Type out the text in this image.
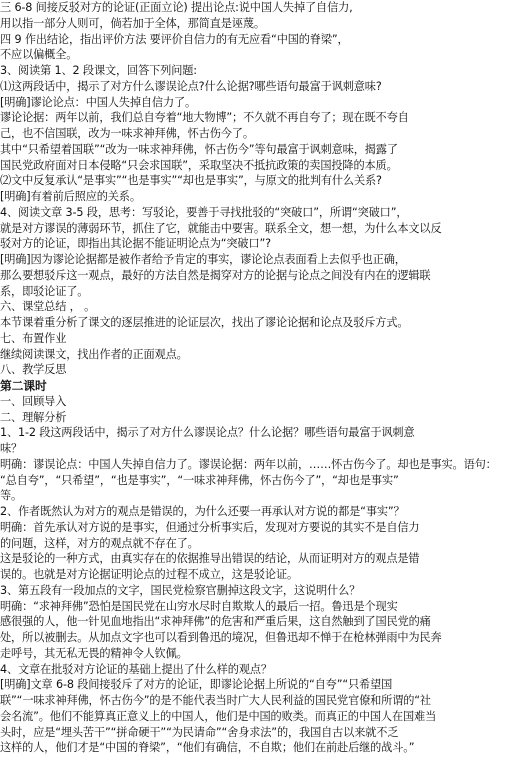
三 6-8 间接反驳对方的论证(正面立论) 提出论点:说中国人失掉了自信力,
用以指一部分人则可，倘若加于全体，那简直是诬蔑。
四 9 作出结论，指出评价方法 要评价自信力的有无应看“中国的脊梁”，
不应以偏概全。
3、阅读第 1、2 段课文，回答下列问题:
⑴这两段话中，揭示了对方什么谬误论点?什么论据?哪些语句最富于讽刺意味?
[明确]谬论论点：中国人失掉自信力了。
谬论论据：两年以前，我们总自夸着“地大物博”；不久就不再自夸了；现在既不夸自
己，也不信国联，改为一味求神拜佛，怀古伤今了。
其中“只希望着国联”“改为一味求神拜佛，怀古伤今”等句最富于讽刺意味，揭露了
国民党政府面对日本侵略“只会求国联”，采取坚决不抵抗政策的卖国投降的本质。
⑵文中反复承认“是事实”“也是事实”“却也是事实”，与原文的批判有什么关系?
[明确]有着前后照应的关系。
4、阅读文章 3-5 段，思考：写驳论，要善于寻找批驳的“突破口”，所谓“突破口”，
就是对方谬误的薄弱环节，抓住了它，就能击中要害。联系全文，想一想，为什么本文以反
驳对方的论证，即指出其论据不能证明论点为“突破口”?
[明确]因为谬论论据都是被作者给予肯定的事实，谬论论点表面看上去似乎也正确，
那么要想驳斥这一观点，最好的方法自然是揭穿对方的论据与论点之间没有内在的逻辑联
系，即驳论证了。
六、课堂总结 ， 。
本节课着重分析了课文的逐层推进的论证层次，找出了谬论论据和论点及驳斥方式。
七、布置作业
继续阅读课文，找出作者的正面观点。
八、教学反思
第二课时
一、回顾导入
二、理解分析
1、1-2 段这两段话中，揭示了对方什么谬误论点？什么论据？哪些语句最富于讽刺意
味？
明确：谬误论点：中国人失掉自信力了。谬误论据：两年以前，……怀古伤今了。却也是事实。语句：
“总自夸”，“只希望”，“也是事实”，“一味求神拜佛，怀古伤今了”，“却也是事实”
等。
2、作者既然认为对方的观点是错误的，为什么还要一再承认对方说的都是“事实”？
明确：首先承认对方说的是事实，但通过分析事实后，发现对方要说的其实不是自信力
的问题，这样，对方的观点就不存在了。
这是驳论的一种方式，由真实存在的依据推导出错误的结论，从而证明对方的观点是错
误的。也就是对方论据证明论点的过程不成立，这是驳论证。
3、第五段有一段加点的文字，国民党检察官删掉这段文字，这说明什么？
明确：“求神拜佛”恐怕是国民党在山穷水尽时自欺欺人的最后一招。鲁迅是个现实
感很强的人，他一针见血地指出“求神拜佛”的危害和严重后果，这自然触到了国民党的痛
处，所以被删去。从加点文字也可以看到鲁迅的境况，但鲁迅却不惮于在枪林弹雨中为民奔
走呼号，其无私无畏的精神令人钦佩。
4、文章在批驳对方论证的基础上提出了什么样的观点？
[明确]文章 6-8 段间接驳斥了对方的论证，即谬论论据上所说的“自夸”“只希望国
联”“一味求神拜佛，怀古伤今”的是不能代表当时广大人民利益的国民党官僚和所谓的“社
会名流”。他们不能算真正意义上的中国人，他们是中国的败类。而真正的中国人在国难当
头时，应是“埋头苦干”“拼命硬干”“为民请命”“舍身求法”的，我国自古以来就不乏
这样的人，他们才是“中国的脊梁”，“他们有确信，不自欺；他们在前赴后继的战斗。”
